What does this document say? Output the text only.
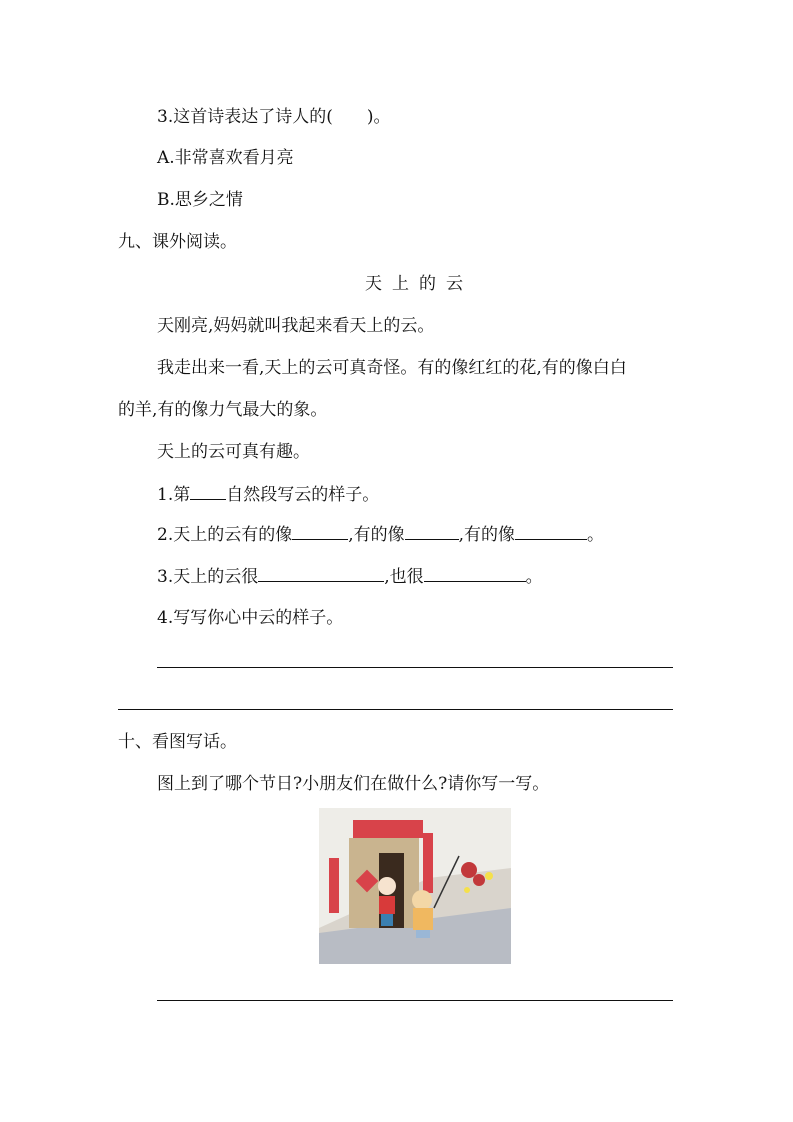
3.这首诗表达了诗人的(　　)。
A.非常喜欢看月亮
B.思乡之情
九、课外阅读。
天上的云
天刚亮,妈妈就叫我起来看天上的云。
我走出来一看,天上的云可真奇怪。有的像红红的花,有的像白白
的羊,有的像力气最大的象。
天上的云可真有趣。
1.第 自然段写云的样子。
2.天上的云有的像	,有的像	,有的像	。
3.天上的云很	,也很	。
4.写写你心中云的样子。
十、看图写话。
图上到了哪个节日?小朋友们在做什么?请你写一写。
